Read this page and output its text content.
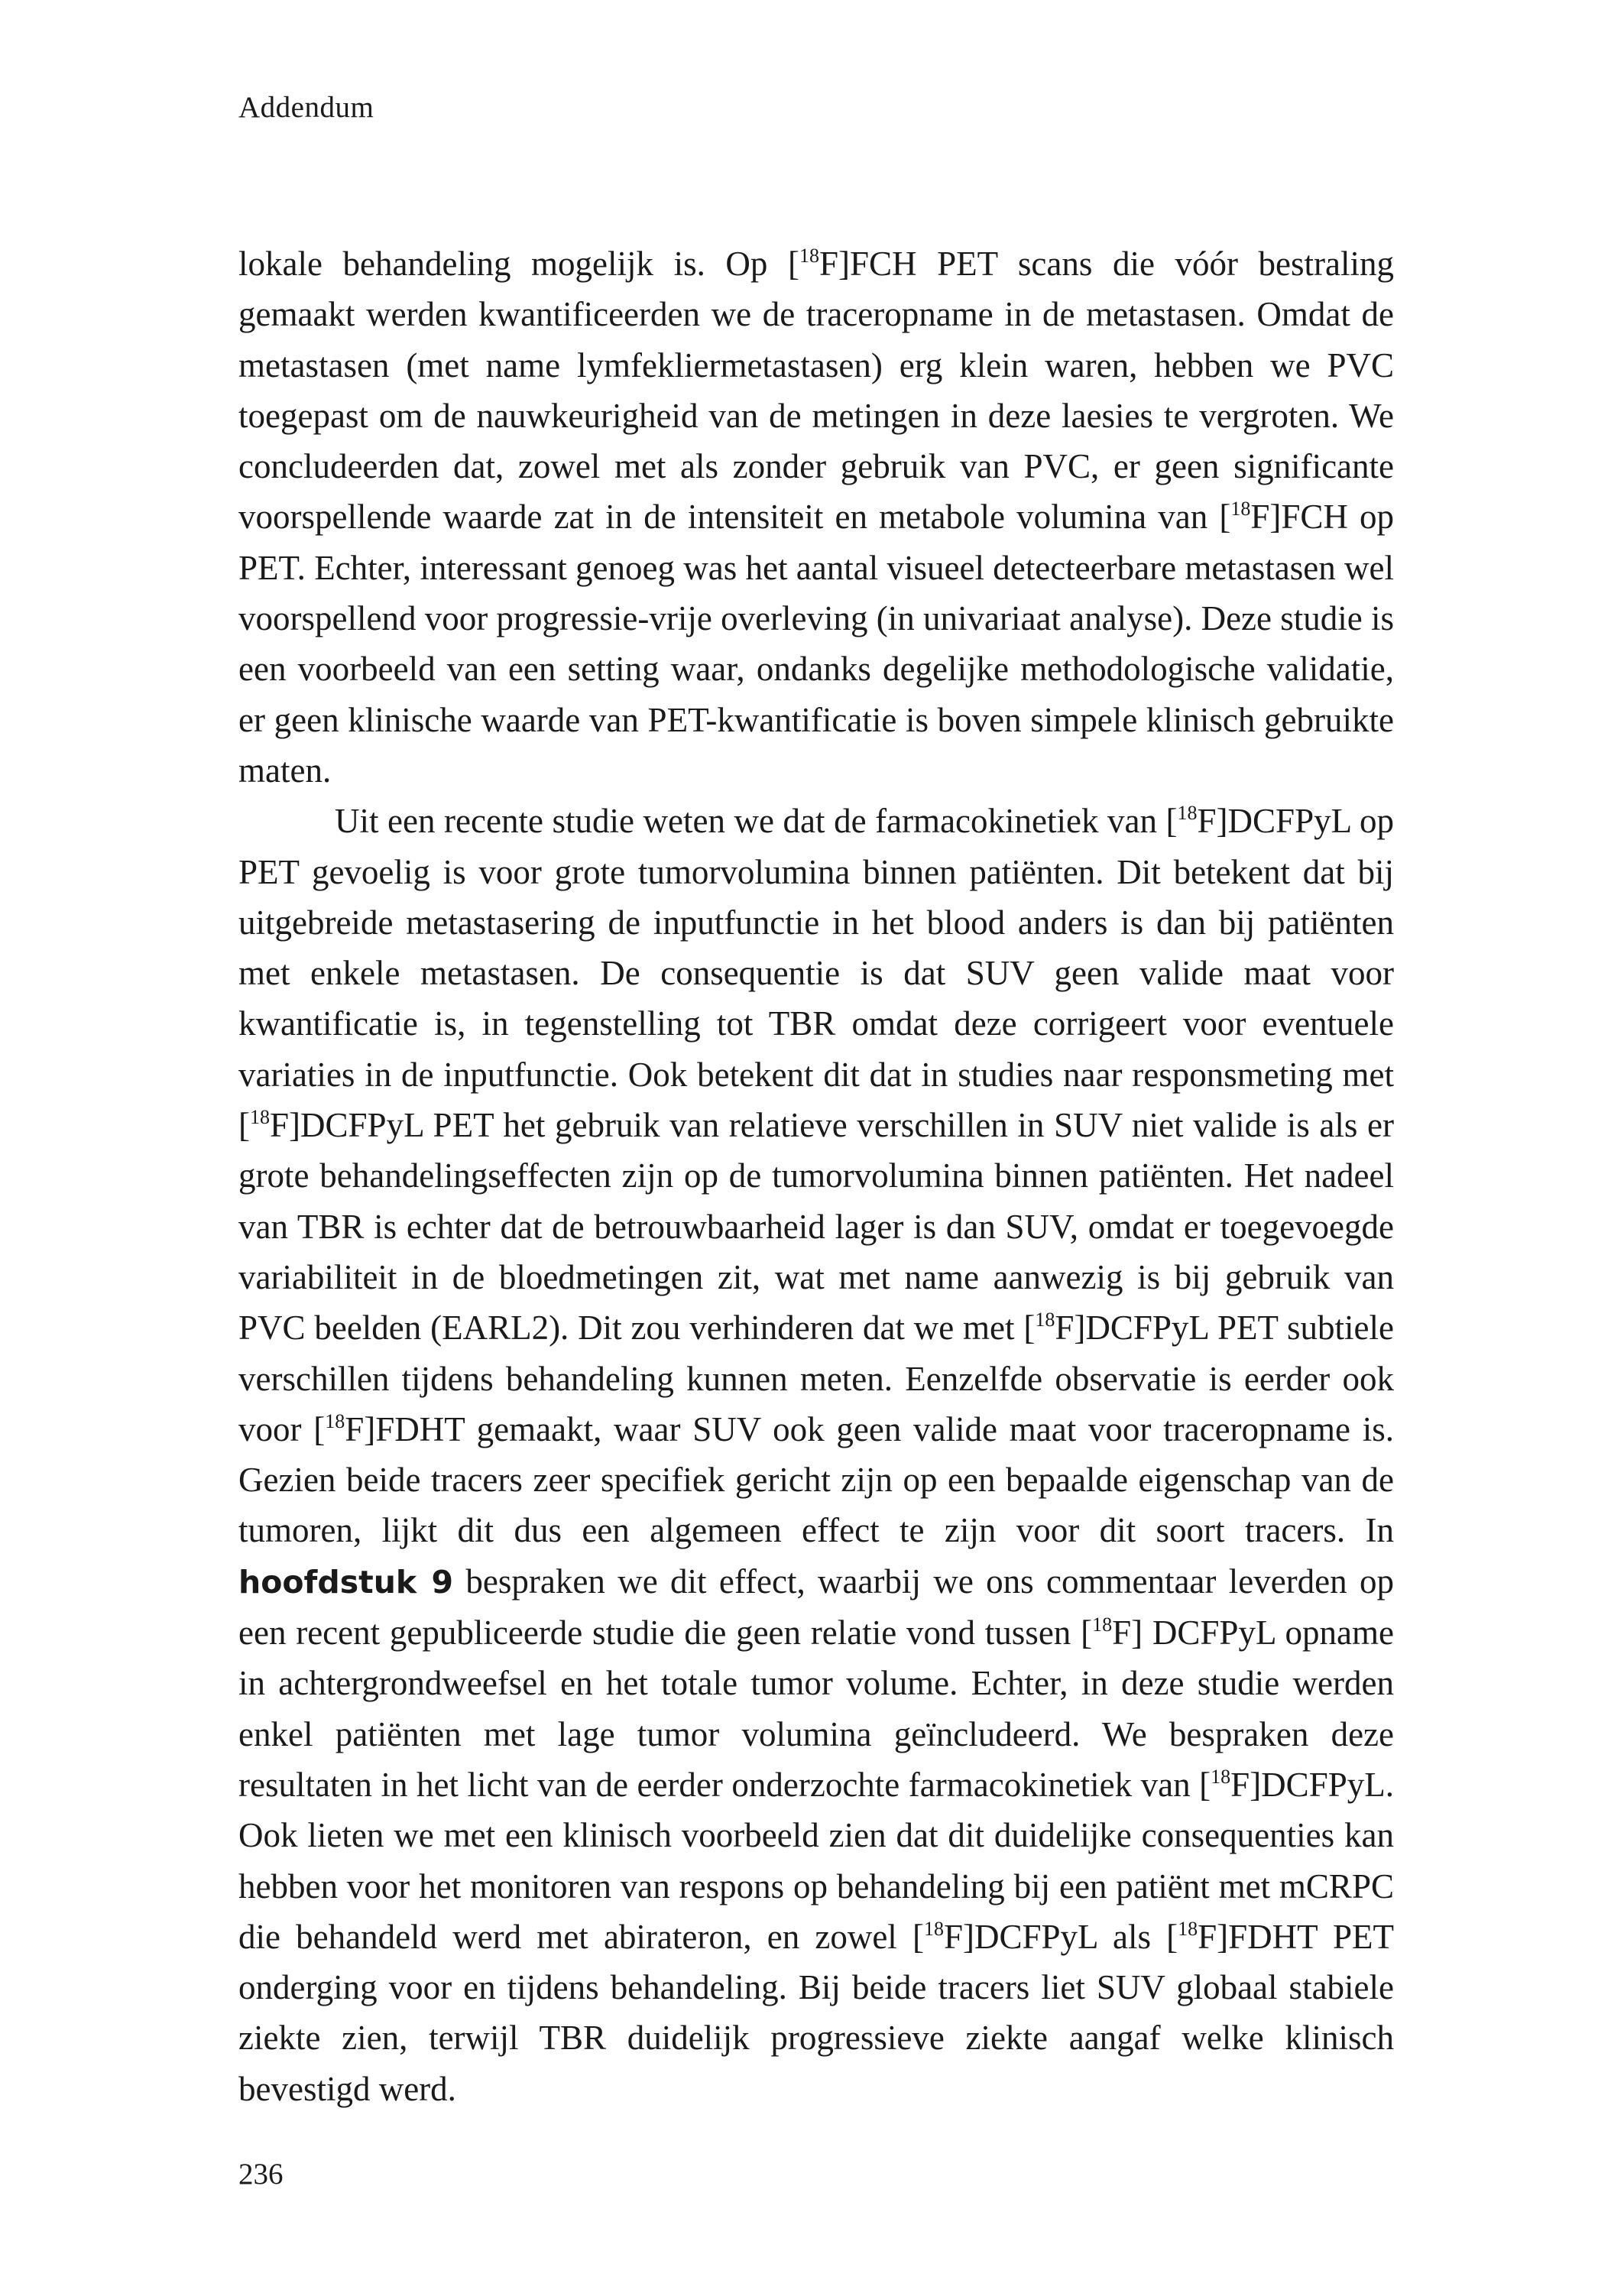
Addendum

lokale behandeling mogelijk is. Op [$^{18}$F]FCH PET scans die vóór bestraling gemaakt werden kwantificeerden we de traceropname in de metastasen. Omdat de metastasen (met name lymfekliermetastasen) erg klein waren, hebben we PVC toegepast om de nauwkeurigheid van de metingen in deze laesies te vergroten. We concludeerden dat, zowel met als zonder gebruik van PVC, er geen significante voorspellende waarde zat in de intensiteit en metabole volumina van [$^{18}$F]FCH op PET. Echter, interessant genoeg was het aantal visueel detecteerbare metastasen wel voorspellend voor progressie-vrije overleving (in univariaat analyse). Deze studie is een voorbeeld van een setting waar, ondanks degelijke methodologische validatie, er geen klinische waarde van PET-kwantificatie is boven simpele klinisch gebruikte maten.

Uit een recente studie weten we dat de farmacokinetiek van [$^{18}$F]DCFPyL op PET gevoelig is voor grote tumorvolumina binnen patiënten. Dit betekent dat bij uitgebreide metastasering de inputfunctie in het blood anders is dan bij patiënten met enkele metastasen. De consequentie is dat SUV geen valide maat voor kwantificatie is, in tegenstelling tot TBR omdat deze corrigeert voor eventuele variaties in de inputfunctie. Ook betekent dit dat in studies naar responsmeting met [$^{18}$F]DCFPyL PET het gebruik van relatieve verschillen in SUV niet valide is als er grote behandelingseffecten zijn op de tumorvolumina binnen patiënten. Het nadeel van TBR is echter dat de betrouwbaarheid lager is dan SUV, omdat er toegevoegde variabiliteit in de bloedmetingen zit, wat met name aanwezig is bij gebruik van PVC beelden (EARL2). Dit zou verhinderen dat we met [$^{18}$F]DCFPyL PET subtiele verschillen tijdens behandeling kunnen meten. Eenzelfde observatie is eerder ook voor [$^{18}$F]FDHT gemaakt, waar SUV ook geen valide maat voor traceropname is. Gezien beide tracers zeer specifiek gericht zijn op een bepaalde eigenschap van de tumoren, lijkt dit dus een algemeen effect te zijn voor dit soort tracers. In hoofdstuk 9 bespraken we dit effect, waarbij we ons commentaar leverden op een recent gepubliceerde studie die geen relatie vond tussen [$^{18}$F] DCFPyL opname in achtergrondweefsel en het totale tumor volume. Echter, in deze studie werden enkel patiënten met lage tumor volumina geïncludeerd. We bespraken deze resultaten in het licht van de eerder onderzochte farmacokinetiek van [$^{18}$F]DCFPyL. Ook lieten we met een klinisch voorbeeld zien dat dit duidelijke consequenties kan hebben voor het monitoren van respons op behandeling bij een patiënt met mCRPC die behandeld werd met abirateron, en zowel [$^{18}$F]DCFPyL als [$^{18}$F]FDHT PET onderging voor en tijdens behandeling. Bij beide tracers liet SUV globaal stabiele ziekte zien, terwijl TBR duidelijk progressieve ziekte aangaf welke klinisch bevestigd werd.

236
